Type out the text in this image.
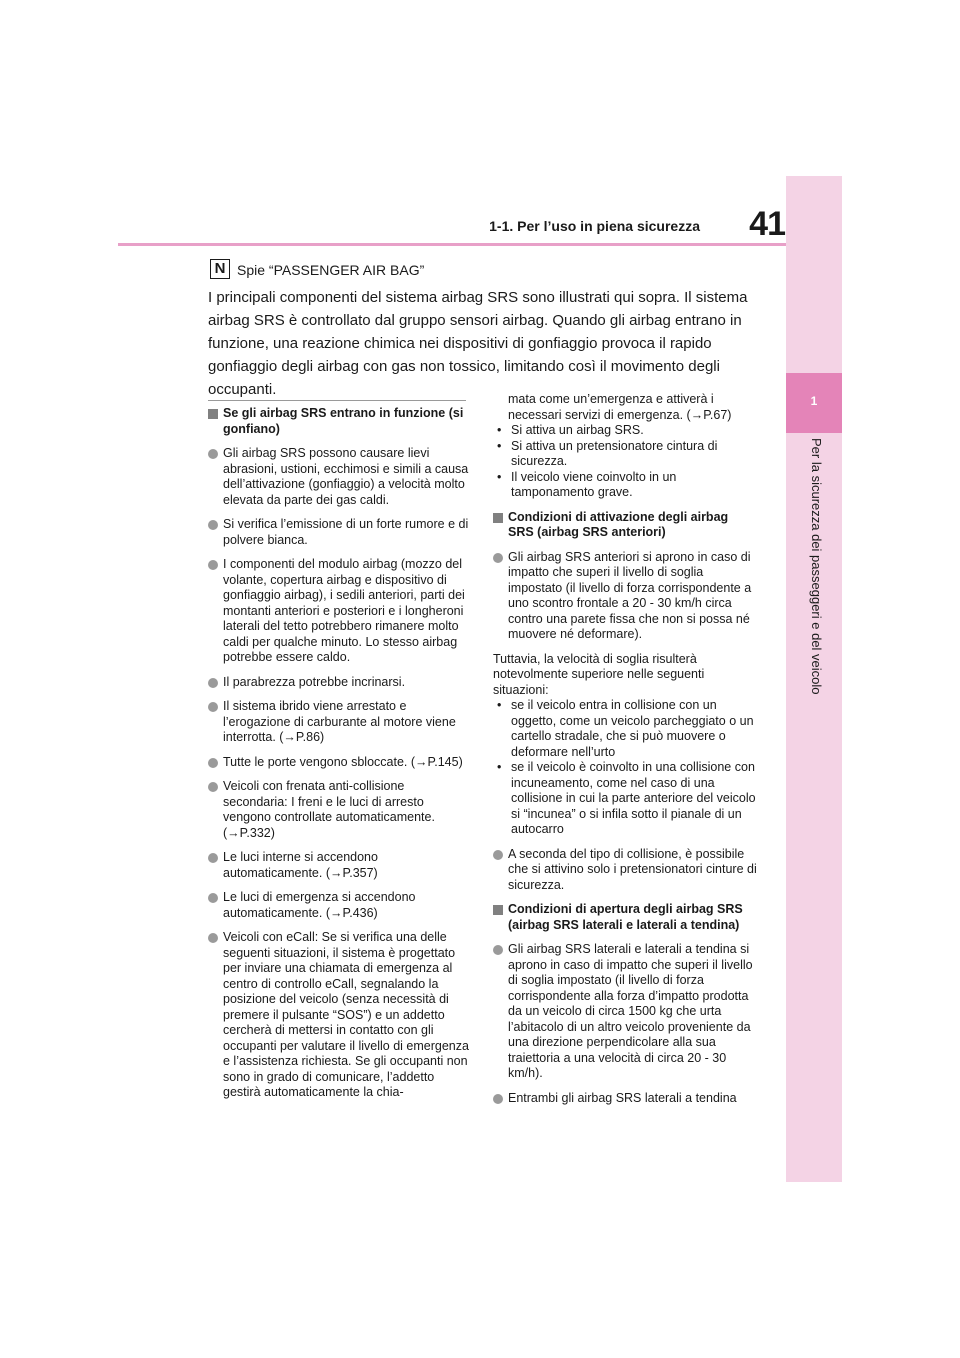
1
Per la sicurezza dei passeggeri e del veicolo
41
1-1. Per l’uso in piena sicurezza
N Spie “PASSENGER AIR BAG”

I principali componenti del sistema airbag SRS sono illustrati qui sopra. Il sistema airbag SRS è controllato dal gruppo sensori airbag. Quando gli airbag entrano in funzione, una reazione chimica nei dispositivi di gonfiaggio provoca il rapido gonfiaggio degli airbag con gas non tossico, limitando così il movimento degli occupanti.

Se gli airbag SRS entrano in funzione (si gonfiano)
Gli airbag SRS possono causare lievi abrasioni, ustioni, ecchimosi e simili a causa dell’attivazione (gonfiaggio) a velocità molto elevata da parte dei gas caldi.
Si verifica l’emissione di un forte rumore e di polvere bianca.
I componenti del modulo airbag (mozzo del volante, copertura airbag e dispositivo di gonfiaggio airbag), i sedili anteriori, parti dei montanti anteriori e posteriori e i longheroni laterali del tetto potrebbero rimanere molto caldi per qualche minuto. Lo stesso airbag potrebbe essere caldo.
Il parabrezza potrebbe incrinarsi.
Il sistema ibrido viene arrestato e l’erogazione di carburante al motore viene interrotta. (→P.86)
Tutte le porte vengono sbloccate. (→P.145)
Veicoli con frenata anti-collisione secondaria: I freni e le luci di arresto vengono controllate automaticamente. (→P.332)
Le luci interne si accendono automaticamente. (→P.357)
Le luci di emergenza si accendono automaticamente. (→P.436)
Veicoli con eCall: Se si verifica una delle seguenti situazioni, il sistema è progettato per inviare una chiamata di emergenza al centro di controllo eCall, segnalando la posizione del veicolo (senza necessità di premere il pulsante “SOS”) e un addetto cercherà di mettersi in contatto con gli occupanti per valutare il livello di emergenza e l’assistenza richiesta. Se gli occupanti non sono in grado di comunicare, l’addetto gestirà automaticamente la chia-

mata come un’emergenza e attiverà i necessari servizi di emergenza. (→P.67)

• Si attiva un airbag SRS.
• Si attiva un pretensionatore cintura di sicurezza.
• Il veicolo viene coinvolto in un tamponamento grave.
Condizioni di attivazione degli airbag SRS (airbag SRS anteriori)
Gli airbag SRS anteriori si aprono in caso di impatto che superi il livello di soglia impostato (il livello di forza corrispondente a uno scontro frontale a 20 - 30 km/h circa contro una parete fissa che non si possa né muovere né deformare).

Tuttavia, la velocità di soglia risulterà notevolmente superiore nelle seguenti situazioni:

• se il veicolo entra in collisione con un oggetto, come un veicolo parcheggiato o un cartello stradale, che si può muovere o deformare nell’urto
• se il veicolo è coinvolto in una collisione con incuneamento, come nel caso di una collisione in cui la parte anteriore del veicolo si “incunea” o si infila sotto il pianale di un autocarro
A seconda del tipo di collisione, è possibile che si attivino solo i pretensionatori cinture di sicurezza.
Condizioni di apertura degli airbag SRS (airbag SRS laterali e laterali a tendina)
Gli airbag SRS laterali e laterali a tendina si aprono in caso di impatto che superi il livello di soglia impostato (il livello di forza corrispondente alla forza d’impatto prodotta da un veicolo di circa 1500 kg che urta l’abitacolo di un altro veicolo proveniente da una direzione perpendicolare alla sua traiettoria a una velocità di circa 20 - 30 km/h).
Entrambi gli airbag SRS laterali a tendina
